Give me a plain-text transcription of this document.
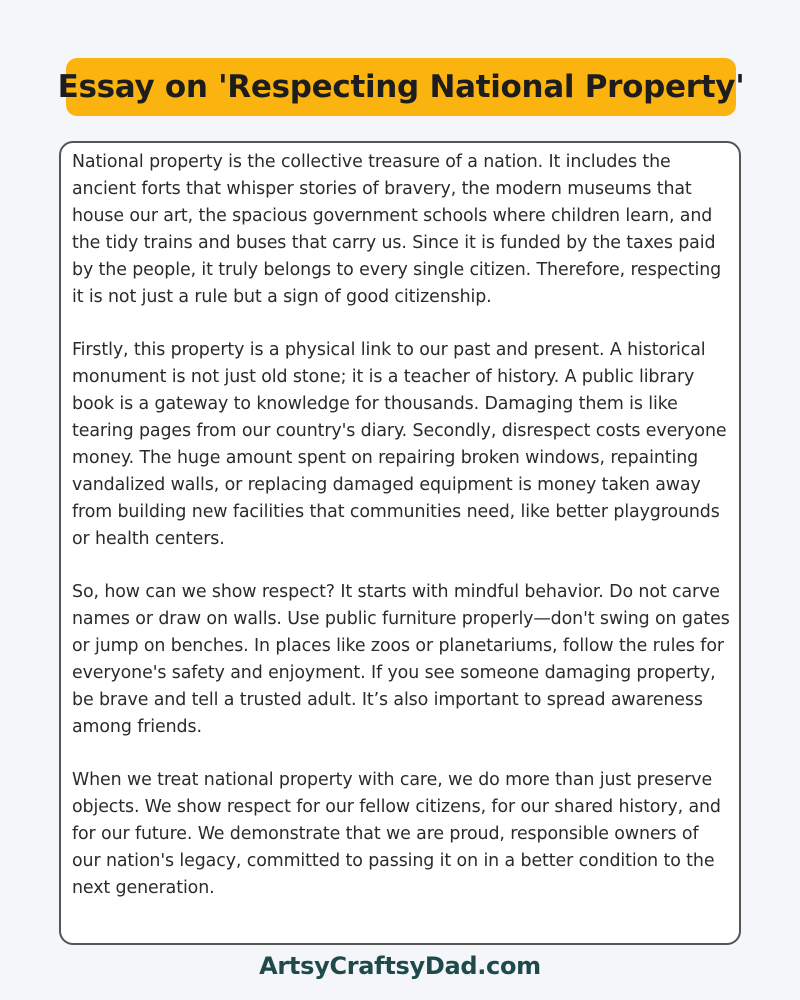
Essay on 'Respecting National Property'

National property is the collective treasure of a nation. It includes the ancient forts that whisper stories of bravery, the modern museums that house our art, the spacious government schools where children learn, and the tidy trains and buses that carry us. Since it is funded by the taxes paid by the people, it truly belongs to every single citizen. Therefore, respecting it is not just a rule but a sign of good citizenship.

Firstly, this property is a physical link to our past and present. A historical monument is not just old stone; it is a teacher of history. A public library book is a gateway to knowledge for thousands. Damaging them is like tearing pages from our country's diary. Secondly, disrespect costs everyone money. The huge amount spent on repairing broken windows, repainting vandalized walls, or replacing damaged equipment is money taken away from building new facilities that communities need, like better playgrounds or health centers.

So, how can we show respect? It starts with mindful behavior. Do not carve names or draw on walls. Use public furniture properly—don't swing on gates or jump on benches. In places like zoos or planetariums, follow the rules for everyone's safety and enjoyment. If you see someone damaging property, be brave and tell a trusted adult. It’s also important to spread awareness among friends.

When we treat national property with care, we do more than just preserve objects. We show respect for our fellow citizens, for our shared history, and for our future. We demonstrate that we are proud, responsible owners of our nation's legacy, committed to passing it on in a better condition to the next generation.

ArtsyCraftsyDad.com
